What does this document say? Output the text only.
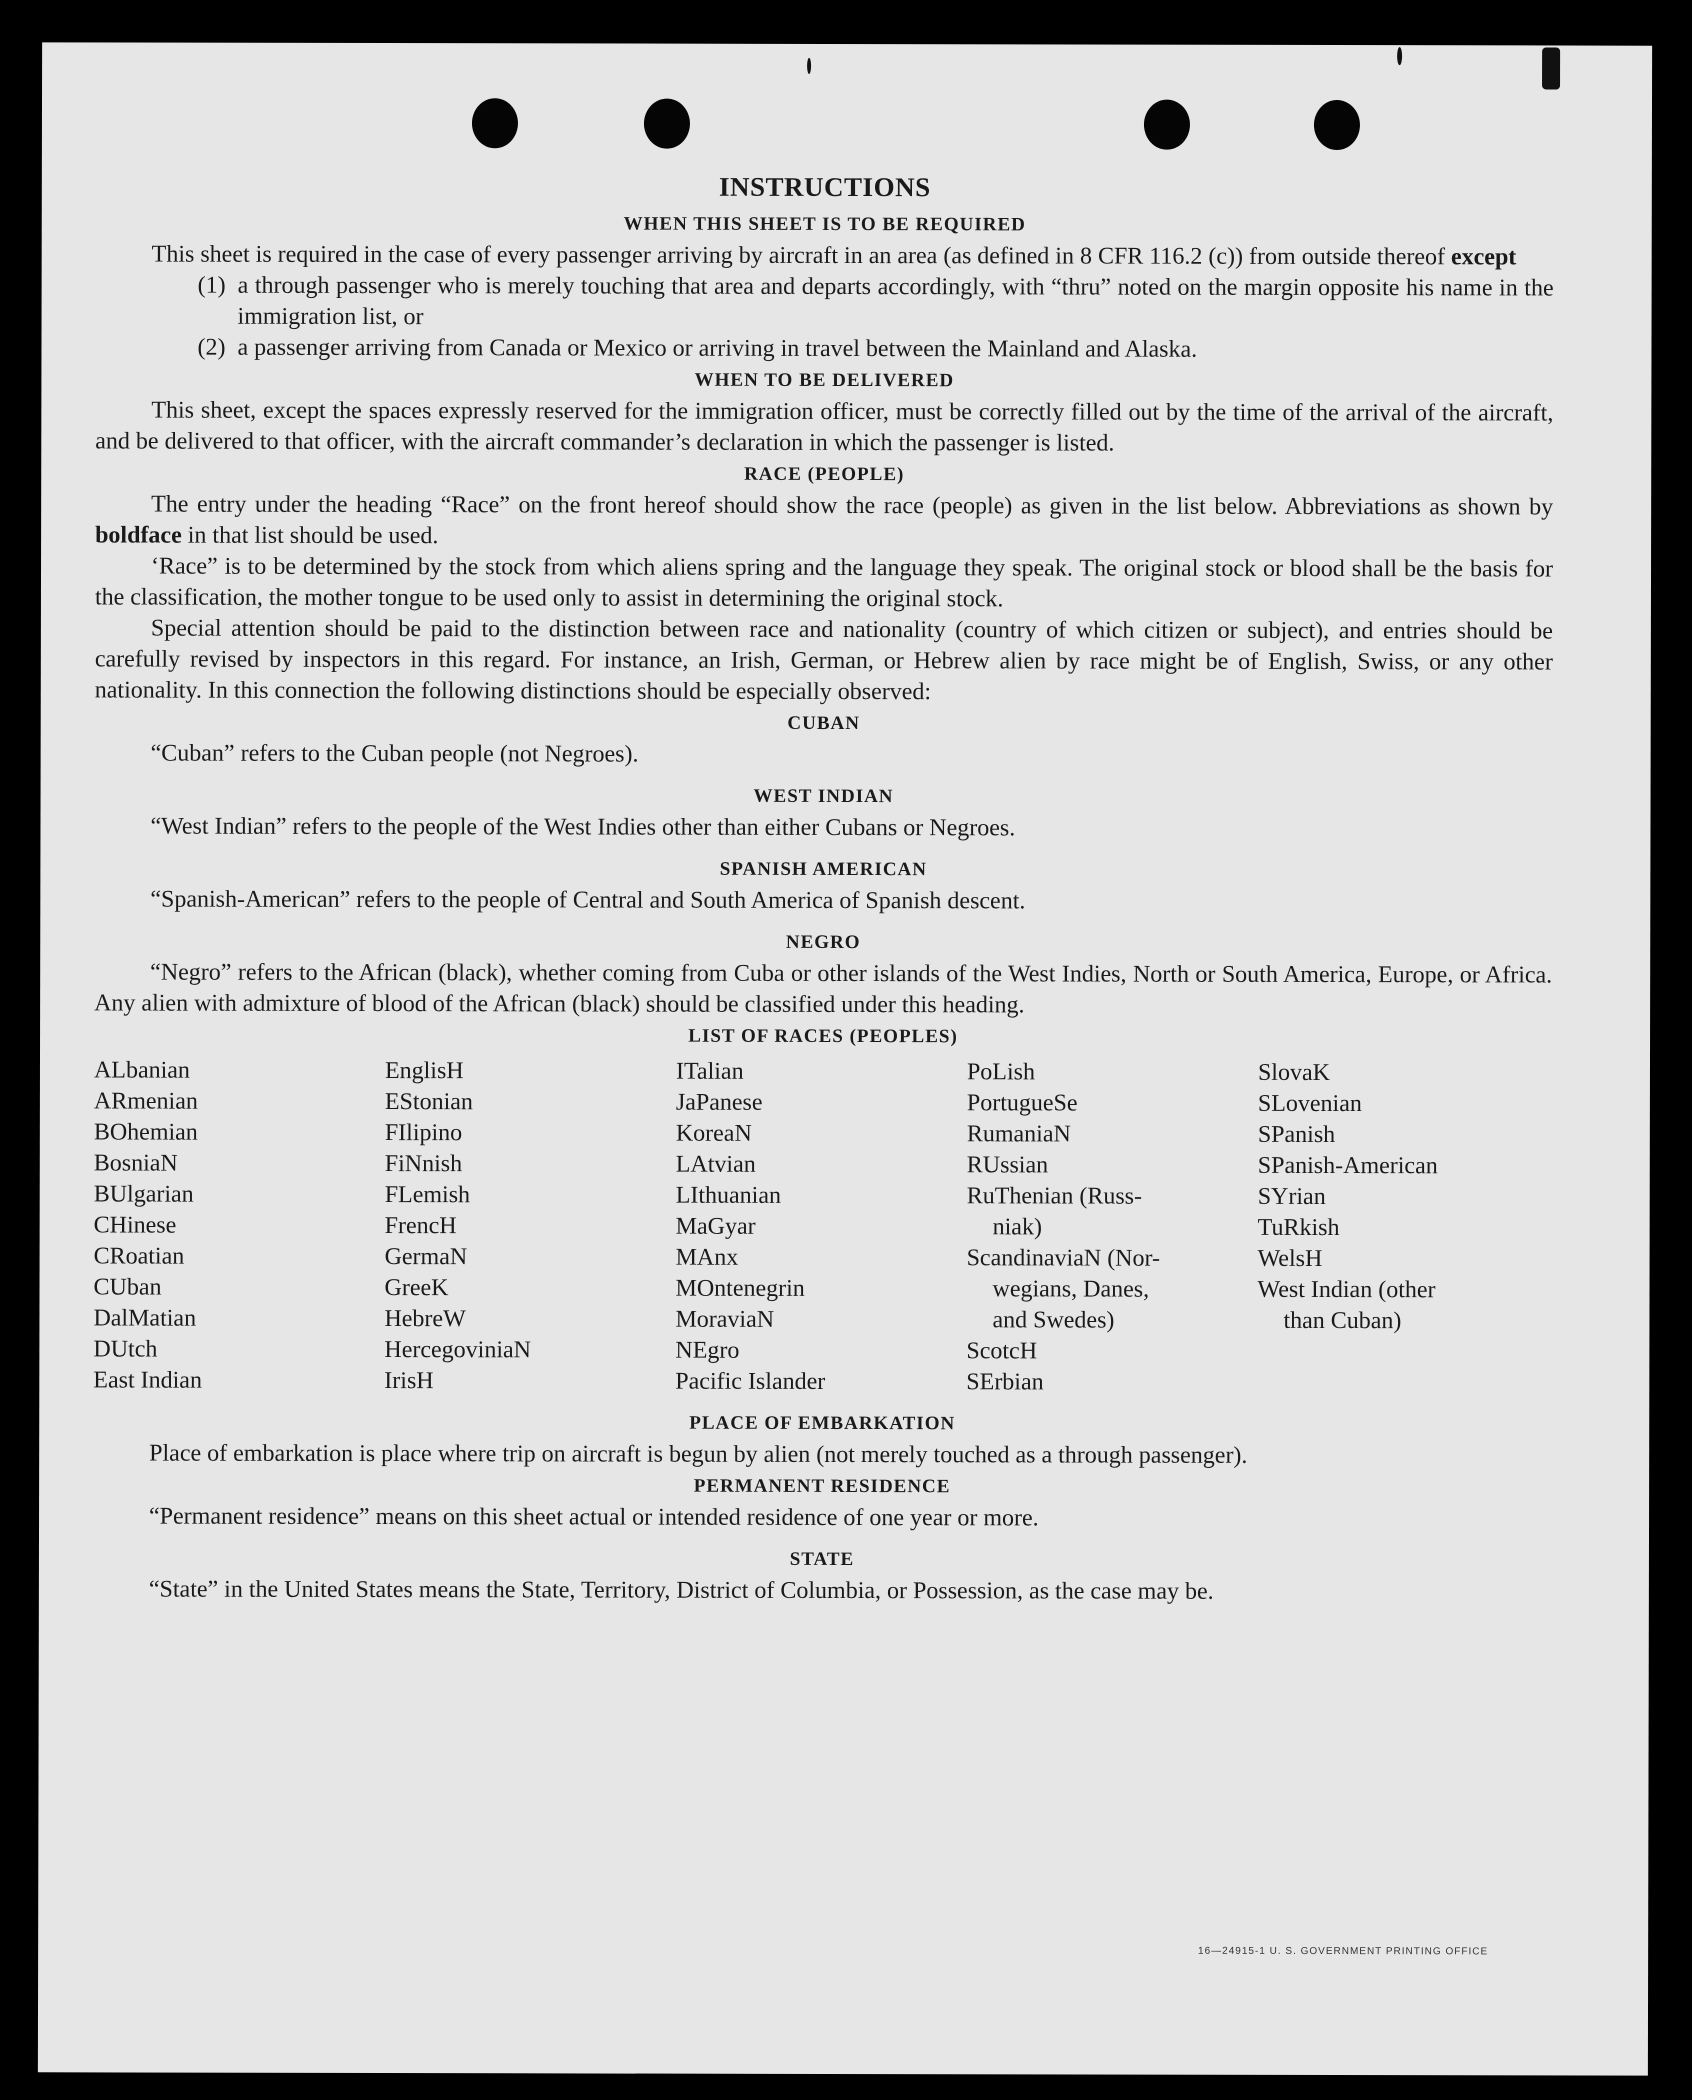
INSTRUCTIONS
WHEN THIS SHEET IS TO BE REQUIRED

This sheet is required in the case of every passenger arriving by aircraft in an area (as defined in 8 CFR 116.2 (c)) from outside thereof except

(1) a through passenger who is merely touching that area and departs accordingly, with “thru” noted on the margin opposite his name in the immigration list, or
(2) a passenger arriving from Canada or Mexico or arriving in travel between the Mainland and Alaska.
WHEN TO BE DELIVERED

This sheet, except the spaces expressly reserved for the immigration officer, must be correctly filled out by the time of the arrival of the aircraft, and be delivered to that officer, with the aircraft commander’s declaration in which the passenger is listed.

RACE (PEOPLE)

The entry under the heading “Race” on the front hereof should show the race (people) as given in the list below. Abbreviations as shown by boldface in that list should be used.

‘Race” is to be determined by the stock from which aliens spring and the language they speak. The original stock or blood shall be the basis for the classification, the mother tongue to be used only to assist in determining the original stock.

Special attention should be paid to the distinction between race and nationality (country of which citizen or subject), and entries should be carefully revised by inspectors in this regard. For instance, an Irish, German, or Hebrew alien by race might be of English, Swiss, or any other nationality. In this connection the following distinctions should be especially observed:

CUBAN

“Cuban” refers to the Cuban people (not Negroes).

WEST INDIAN

“West Indian” refers to the people of the West Indies other than either Cubans or Negroes.

SPANISH AMERICAN

“Spanish-American” refers to the people of Central and South America of Spanish descent.

NEGRO

“Negro” refers to the African (black), whether coming from Cuba or other islands of the West Indies, North or South America, Europe, or Africa. Any alien with admixture of blood of the African (black) should be classified under this heading.

LIST OF RACES (PEOPLES)
ALbanian
ARmenian
BOhemian
BosniaN
BUlgarian
CHinese
CRoatian
CUban
DalMatian
DUtch
East Indian
EnglisH
EStonian
FIlipino
FiNnish
FLemish
FrencH
GermaN
GreeK
HebreW
HercegoviniaN
IrisH
ITalian
JaPanese
KoreaN
LAtvian
LIthuanian
MaGyar
MAnx
MOntenegrin
MoraviaN
NEgro
Pacific Islander
PoLish
PortugueSe
RumaniaN
RUssian
RuThenian (Russ-
niak)
ScandinaviaN (Nor-
wegians, Danes,
and Swedes)
ScotcH
SErbian
SlovaK
SLovenian
SPanish
SPanish-American
SYrian
TuRkish
WelsH
West Indian (other
than Cuban)
PLACE OF EMBARKATION

Place of embarkation is place where trip on aircraft is begun by alien (not merely touched as a through passenger).

PERMANENT RESIDENCE

“Permanent residence” means on this sheet actual or intended residence of one year or more.

STATE

“State” in the United States means the State, Territory, District of Columbia, or Possession, as the case may be.

16—24915-1 U. S. GOVERNMENT PRINTING OFFICE
